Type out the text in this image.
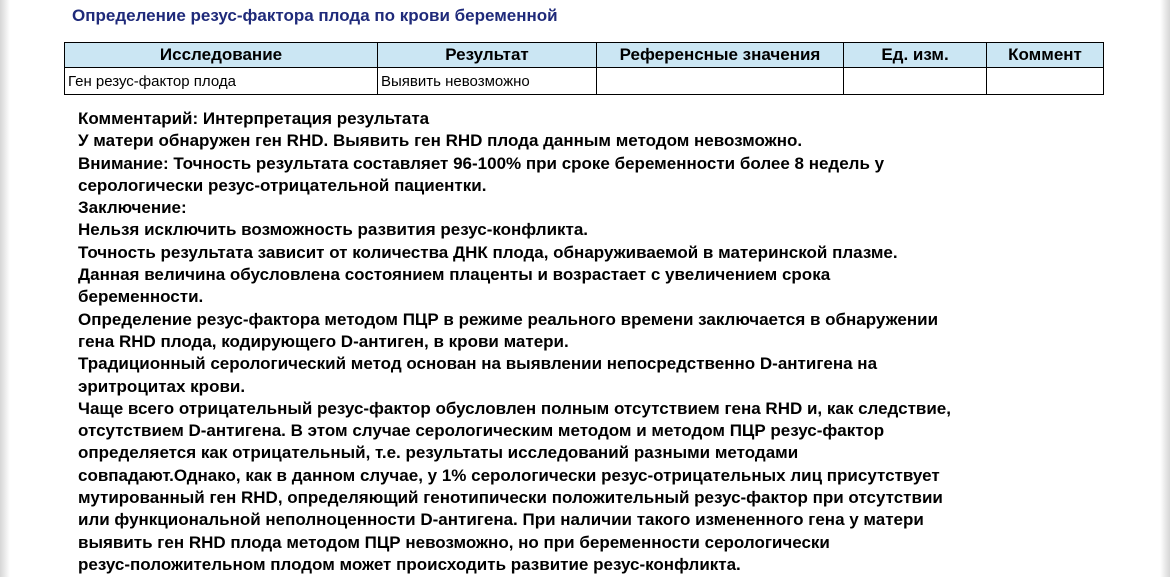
Определение резус-фактора плода по крови беременной
Исследование	Результат	Референсные значения	Ед. изм.	Коммент
Ген резус-фактор плода	Выявить невозможно			

Комментарий: Интерпретация результата

У матери обнаружен ген RHD. Выявить ген RHD плода данным методом невозможно.

Внимание: Точность результата составляет 96-100% при сроке беременности более 8 недель у

серологически резус-отрицательной пациентки.

Заключение:

Нельзя исключить возможность развития резус-конфликта.

Точность результата зависит от количества ДНК плода, обнаруживаемой в материнской плазме.

Данная величина обусловлена состоянием плаценты и возрастает с увеличением срока

беременности.

Определение резус-фактора методом ПЦР в режиме реального времени заключается в обнаружении

гена RHD плода, кодирующего D-антиген, в крови матери.

Традиционный серологический метод основан на выявлении непосредственно D-антигена на

эритроцитах крови.

Чаще всего отрицательный резус-фактор обусловлен полным отсутствием гена RHD и, как следствие,

отсутствием D-антигена. В этом случае серологическим методом и методом ПЦР резус-фактор

определяется как отрицательный, т.е. результаты исследований разными методами

совпадают.Однако, как в данном случае, у 1% серологически резус-отрицательных лиц присутствует

мутированный ген RHD, определяющий генотипически положительный резус-фактор при отсутствии

или функциональной неполноценности D-антигена. При наличии такого измененного гена у матери

выявить ген RHD плода методом ПЦР невозможно, но при беременности серологически

резус-положительном плодом может происходить развитие резус-конфликта.
